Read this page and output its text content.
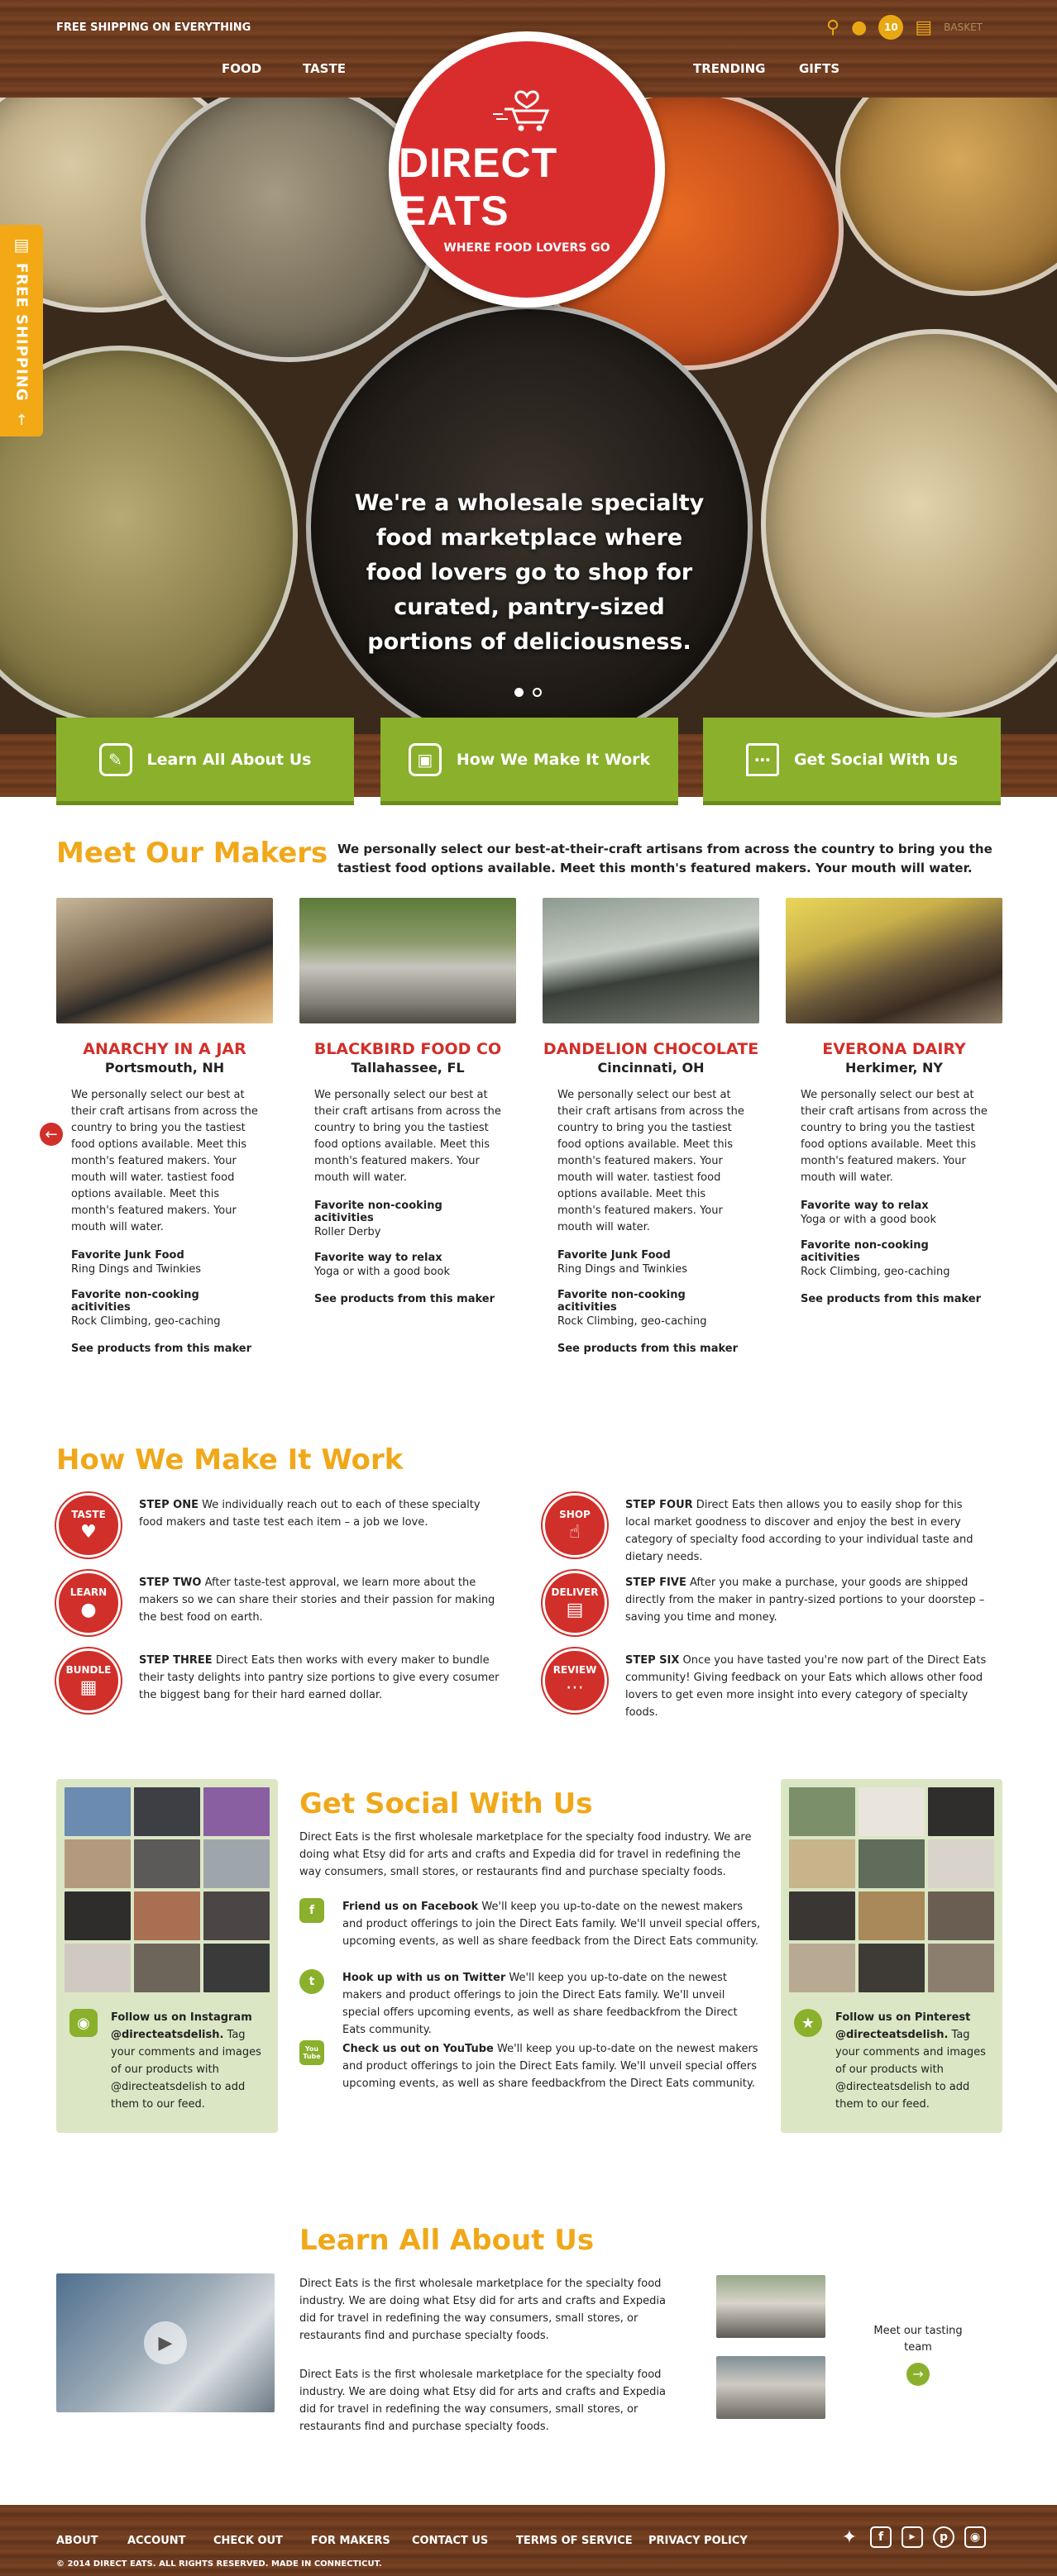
FREE SHIPPING ON EVERYTHING	⚲ ●	10 ▤ BASKET
FOOD	TASTE	TRENDING	GIFTS
DIRECT EATS
WHERE FOOD LOVERS GO
We're a wholesale specialty food marketplace where food lovers go to shop for curated, pantry-sized portions of deliciousness.
▤
FREE SHIPPING
↑
✎	Learn All About Us	▣	How We Make It Work	⋯	Get Social With Us
Meet Our Makers We personally select our best-at-their-craft artisans from across the country to bring you the tastiest food options available. Meet this month's featured makers. Your mouth will water.

←
ANARCHY IN A JAR
Portsmouth, NH
We personally select our best at their craft artisans from across the country to bring you the tastiest food options available. Meet this month's featured makers. Your mouth will water. tastiest food options available. Meet this month's featured makers. Your mouth will water.
Favorite Junk Food
Ring Dings and Twinkies
Favorite non-cooking acitivities
Rock Climbing, geo-caching
See products from this maker
BLACKBIRD FOOD CO
Tallahassee, FL
We personally select our best at their craft artisans from across the country to bring you the tastiest food options available. Meet this month's featured makers. Your mouth will water.
Favorite non-cooking acitivities
Roller Derby
Favorite way to relax
Yoga or with a good book
See products from this maker
DANDELION CHOCOLATE
Cincinnati, OH
We personally select our best at their craft artisans from across the country to bring you the tastiest food options available. Meet this month's featured makers. Your mouth will water. tastiest food options available. Meet this month's featured makers. Your mouth will water.
Favorite Junk Food
Ring Dings and Twinkies
Favorite non-cooking acitivities
Rock Climbing, geo-caching
See products from this maker
EVERONA DAIRY
Herkimer, NY
We personally select our best at their craft artisans from across the country to bring you the tastiest food options available. Meet this month's featured makers. Your mouth will water.
Favorite way to relax
Yoga or with a good book
Favorite non-cooking acitivities
Rock Climbing, geo-caching
See products from this maker
How We Make It Work
TASTE
♥
STEP ONE We individually reach out to each of these specialty food makers and taste test each item – a job we love.
LEARN
●
STEP TWO After taste-test approval, we learn more about the makers so we can share their stories and their passion for making the best food on earth.
BUNDLE
▦
STEP THREE Direct Eats then works with every maker to bundle their tasty delights into pantry size portions to give every cosumer the biggest bang for their hard earned dollar.
SHOP
☝
STEP FOUR Direct Eats then allows you to easily shop for this local market goodness to discover and enjoy the best in every category of specialty food according to your individual taste and dietary needs.
DELIVER
▤
STEP FIVE After you make a purchase, your goods are shipped directly from the maker in pantry-sized portions to your doorstep – saving you time and money.
REVIEW
⋯
STEP SIX Once you have tasted you're now part of the Direct Eats community! Giving feedback on your Eats which allows other food lovers to get even more insight into every category of specialty foods.
◉	Follow us on Instagram @directeatsdelish. Tag your comments and images of our products with @directeatsdelish to add them to our feed.

Get Social With Us

Direct Eats is the first wholesale marketplace for the specialty food industry. We are doing what Etsy did for arts and crafts and Expedia did for travel in redefining the way consumers, small stores, or restaurants find and purchase specialty foods.

f	Friend us on Facebook We'll keep you up-to-date on the newest makers and product offerings to join the Direct Eats family. We'll unveil special offers, upcoming events, as well as share feedback from the Direct Eats community.

t	Hook up with us on Twitter We'll keep you up-to-date on the newest makers and product offerings to join the Direct Eats family. We'll unveil special offers upcoming events, as well as share feedbackfrom the Direct Eats community.

You Tube

Check us out on YouTube We'll keep you up-to-date on the newest makers and product offerings to join the Direct Eats family. We'll unveil special offers upcoming events, as well as share feedbackfrom the Direct Eats community.

★	Follow us on Pinterest @directeatsdelish. Tag your comments and images of our products with @directeatsdelish to add them to our feed.

Learn All About Us
▶

Direct Eats is the first wholesale marketplace for the specialty food industry. We are doing what Etsy did for arts and crafts and Expedia did for travel in redefining the way consumers, small stores, or restaurants find and purchase specialty foods.

Direct Eats is the first wholesale marketplace for the specialty food industry. We are doing what Etsy did for arts and crafts and Expedia did for travel in redefining the way consumers, small stores, or restaurants find and purchase specialty foods.

Meet our tasting team
→
ABOUT	ACCOUNT	CHECK OUT	FOR MAKERS CONTACT US	TERMS OF SERVICE PRIVACY POLICY
© 2014 DIRECT EATS. ALL RIGHTS RESERVED. MADE IN CONNECTICUT.
✦	f	▶	p	◉
